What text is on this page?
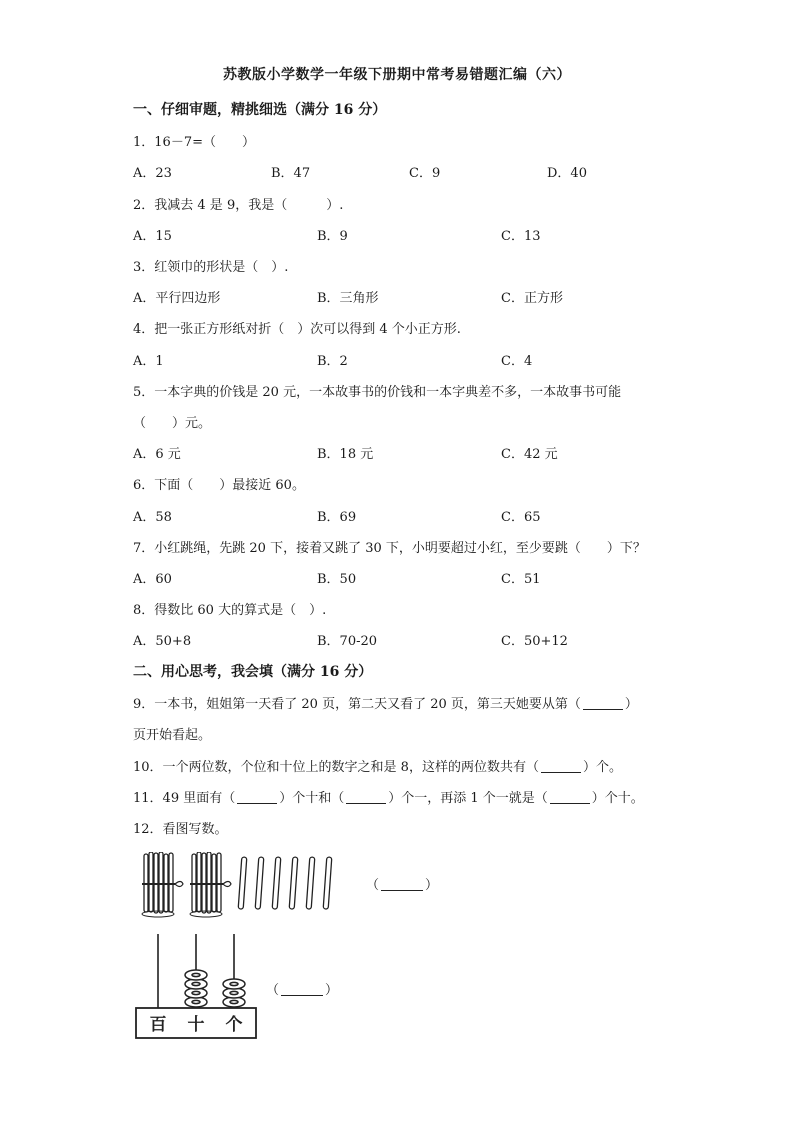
苏教版小学数学一年级下册期中常考易错题汇编（六）
一、仔细审题，精挑细选（满分 16 分）
1．16－7=（　　）
A．23	B．47	C．9	D．40
2．我减去 4 是 9，我是（　　　）.
A．15	B．9	C．13
3．红领巾的形状是（　）.
A．平行四边形	B．三角形	C．正方形
4．把一张正方形纸对折（　）次可以得到 4 个小正方形.
A．1	B．2	C．4
5．一本字典的价钱是 20 元，一本故事书的价钱和一本字典差不多，一本故事书可能
（　　）元。
A．6 元	B．18 元	C．42 元
6．下面（　　）最接近 60。
A．58	B．69	C．65
7．小红跳绳，先跳 20 下，接着又跳了 30 下，小明要超过小红，至少要跳（　　）下？
A．60	B．50	C．51
8．得数比 60 大的算式是（　）.
A．50+8	B．70-20	C．50+12
二、用心思考，我会填（满分 16 分）
9．一本书，姐姐第一天看了 20 页，第二天又看了 20 页，第三天她要从第（	）
页开始看起。
10．一个两位数，个位和十位上的数字之和是 8，这样的两位数共有（	）个。
11．49 里面有（	）个十和（	）个一，再添 1 个一就是（	）个十。
12．看图写数。
（	）
百 十 个
（	）
